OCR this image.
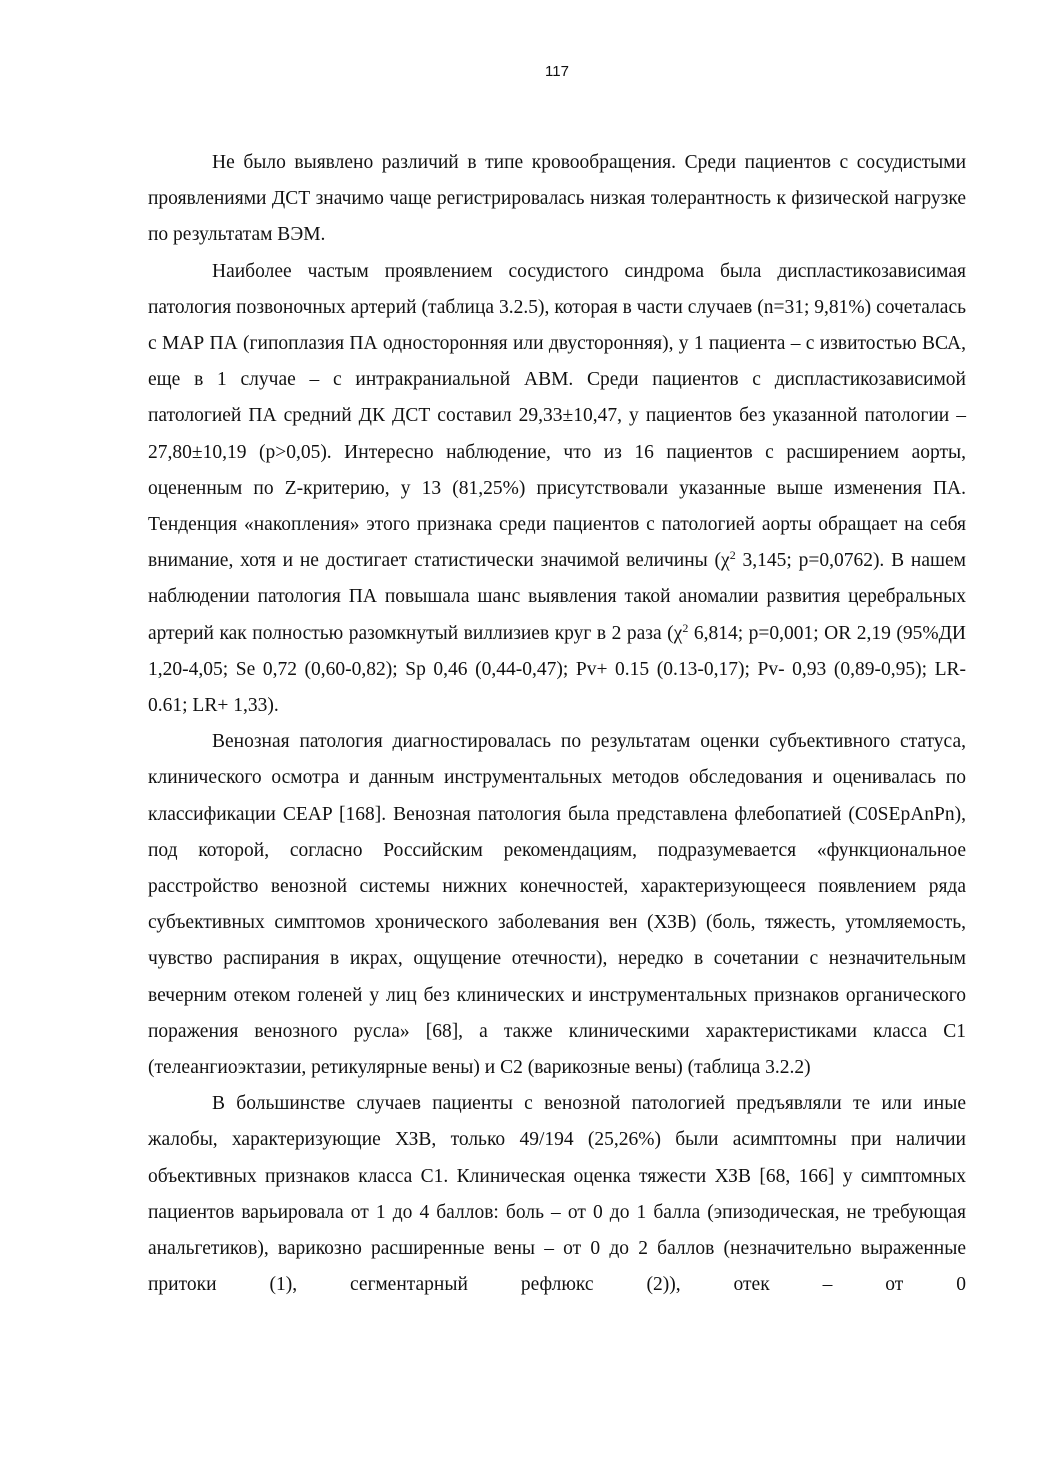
117

Не было выявлено различий в типе кровообращения. Среди пациентов с сосудистыми проявлениями ДСТ значимо чаще регистрировалась низкая толерантность к физической нагрузке по результатам ВЭМ.

Наиболее частым проявлением сосудистого синдрома была диспластикозависимая патология позвоночных артерий (таблица 3.2.5), которая в части случаев (n=31; 9,81%) сочеталась с МАР ПА (гипоплазия ПА односторонняя или двусторонняя), у 1 пациента – с извитостью ВСА, еще в 1 случае – с интракраниальной АВМ. Среди пациентов с диспластикозависимой патологией ПА средний ДК ДСТ составил 29,33±10,47, у пациентов без указанной патологии – 27,80±10,19 (p>0,05). Интересно наблюдение, что из 16 пациентов с расширением аорты, оцененным по Z-критерию, у 13 (81,25%) присутствовали указанные выше изменения ПА. Тенденция «накопления» этого признака среди пациентов с патологией аорты обращает на себя внимание, хотя и не достигает статистически значимой величины ($\chi^2$ 3,145; p=0,0762). В нашем наблюдении патология ПА повышала шанс выявления такой аномалии развития церебральных артерий как полностью разомкнутый виллизиев круг в 2 раза ($\chi^2$ 6,814; p=0,001; OR 2,19 (95%ДИ 1,20-4,05; Se 0,72 (0,60-0,82); Sp 0,46 (0,44-0,47); Pv+ 0.15 (0.13-0,17); Pv- 0,93 (0,89-0,95); LR- 0.61; LR+ 1,33).

Венозная патология диагностировалась по результатам оценки субъективного статуса, клинического осмотра и данным инструментальных методов обследования и оценивалась по классификации CEAP [168]. Венозная патология была представлена флебопатией (C0SEpAnPn), под которой, согласно Российским рекомендациям, подразумевается «функциональное расстройство венозной системы нижних конечностей, характеризующееся появлением ряда субъективных симптомов хронического заболевания вен (ХЗВ) (боль, тяжесть, утомляемость, чувство распирания в икрах, ощущение отечности), нередко в сочетании с незначительным вечерним отеком голеней у лиц без клинических и инструментальных признаков органического поражения венозного русла» [68], а также клиническими характеристиками класса С1 (телеангиоэктазии, ретикулярные вены) и С2 (варикозные вены) (таблица 3.2.2)

В большинстве случаев пациенты с венозной патологией предъявляли те или иные жалобы, характеризующие ХЗВ, только 49/194 (25,26%) были асимптомны при наличии объективных признаков класса С1. Клиническая оценка тяжести ХЗВ [68, 166] у симптомных пациентов варьировала от 1 до 4 баллов: боль – от 0 до 1 балла (эпизодическая, не требующая анальгетиков), варикозно расширенные вены – от 0 до 2 баллов (незначительно выраженные притоки (1), сегментарный рефлюкс (2)), отек – от 0
